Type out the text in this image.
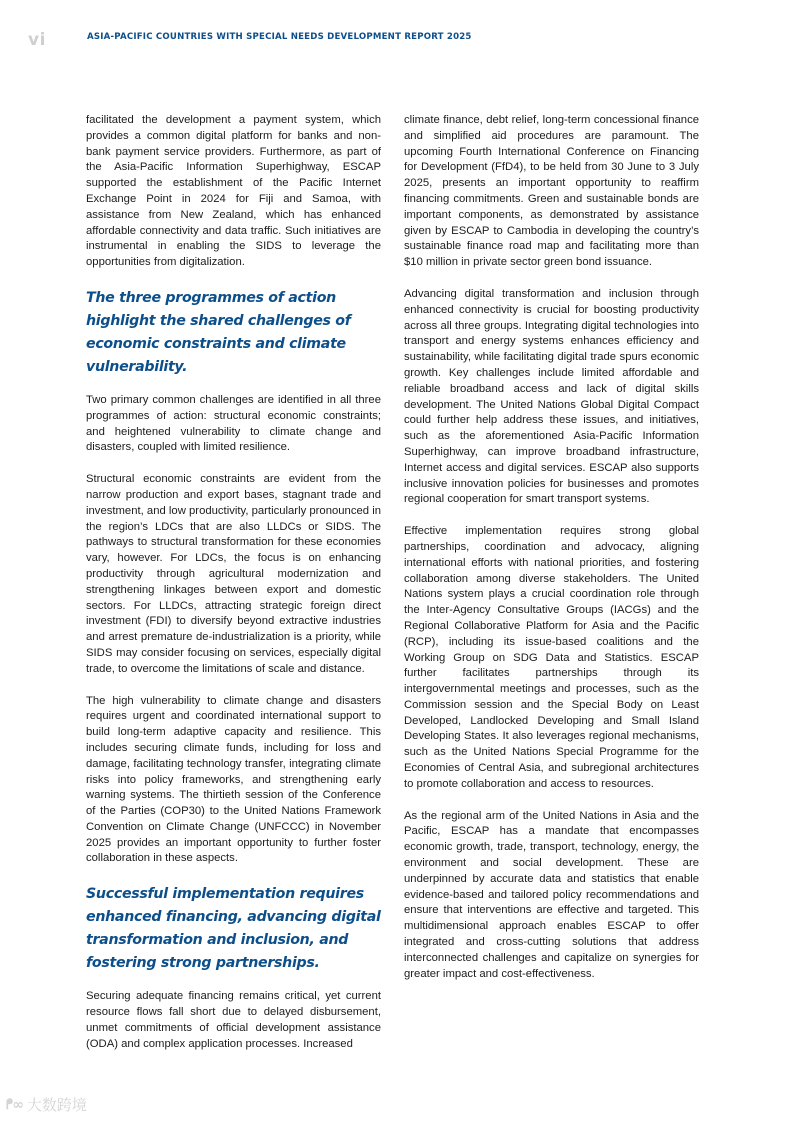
vi	ASIA-PACIFIC COUNTRIES WITH SPECIAL NEEDS DEVELOPMENT REPORT 2025

facilitated the development a payment system, which provides a common digital platform for banks and non-bank payment service providers. Furthermore, as part of the Asia-Pacific Information Superhighway, ESCAP supported the establishment of the Pacific Internet Exchange Point in 2024 for Fiji and Samoa, with assistance from New Zealand, which has enhanced affordable connectivity and data traffic. Such initiatives are instrumental in enabling the SIDS to leverage the opportunities from digitalization.

The three programmes of action highlight the shared challenges of economic constraints and climate vulnerability.

Two primary common challenges are identified in all three programmes of action: structural economic constraints; and heightened vulnerability to climate change and disasters, coupled with limited resilience.

Structural economic constraints are evident from the narrow production and export bases, stagnant trade and investment, and low productivity, particularly pronounced in the region’s LDCs that are also LLDCs or SIDS. The pathways to structural transformation for these economies vary, however. For LDCs, the focus is on enhancing productivity through agricultural modernization and strengthening linkages between export and domestic sectors. For LLDCs, attracting strategic foreign direct investment (FDI) to diversify beyond extractive industries and arrest premature de-industrialization is a priority, while SIDS may consider focusing on services, especially digital trade, to overcome the limitations of scale and distance.

The high vulnerability to climate change and disasters requires urgent and coordinated international support to build long-term adaptive capacity and resilience. This includes securing climate funds, including for loss and damage, facilitating technology transfer, integrating climate risks into policy frameworks, and strengthening early warning systems. The thirtieth session of the Conference of the Parties (COP30) to the United Nations Framework Convention on Climate Change (UNFCCC) in November 2025 provides an important opportunity to further foster collaboration in these aspects.

Successful implementation requires enhanced financing, advancing digital transformation and inclusion, and fostering strong partnerships.

Securing adequate financing remains critical, yet current resource flows fall short due to delayed disbursement, unmet commitments of official development assistance (ODA) and complex application processes. Increased

climate finance, debt relief, long-term concessional finance and simplified aid procedures are paramount. The upcoming Fourth International Conference on Financing for Development (FfD4), to be held from 30 June to 3 July 2025, presents an important opportunity to reaffirm financing commitments. Green and sustainable bonds are important components, as demonstrated by assistance given by ESCAP to Cambodia in developing the country’s sustainable finance road map and facilitating more than $10 million in private sector green bond issuance.

Advancing digital transformation and inclusion through enhanced connectivity is crucial for boosting productivity across all three groups. Integrating digital technologies into transport and energy systems enhances efficiency and sustainability, while facilitating digital trade spurs economic growth. Key challenges include limited affordable and reliable broadband access and lack of digital skills development. The United Nations Global Digital Compact could further help address these issues, and initiatives, such as the aforementioned Asia-Pacific Information Superhighway, can improve broadband infrastructure, Internet access and digital services. ESCAP also supports inclusive innovation policies for businesses and promotes regional cooperation for smart transport systems.

Effective implementation requires strong global partnerships, coordination and advocacy, aligning international efforts with national priorities, and fostering collaboration among diverse stakeholders. The United Nations system plays a crucial coordination role through the Inter-Agency Consultative Groups (IACGs) and the Regional Collaborative Platform for Asia and the Pacific (RCP), including its issue-based coalitions and the Working Group on SDG Data and Statistics. ESCAP further facilitates partnerships through its intergovernmental meetings and processes, such as the Commission session and the Special Body on Least Developed, Landlocked Developing and Small Island Developing States. It also leverages regional mechanisms, such as the United Nations Special Programme for the Economies of Central Asia, and subregional architectures to promote collaboration and access to resources.

As the regional arm of the United Nations in Asia and the Pacific, ESCAP has a mandate that encompasses economic growth, trade, transport, technology, energy, the environment and social development. These are underpinned by accurate data and statistics that enable evidence-based and tailored policy recommendations and ensure that interventions are effective and targeted. This multidimensional approach enables ESCAP to offer integrated and cross-cutting solutions that address interconnected challenges and capitalize on synergies for greater impact and cost-effectiveness.

ᖰ∞ 大数跨境
